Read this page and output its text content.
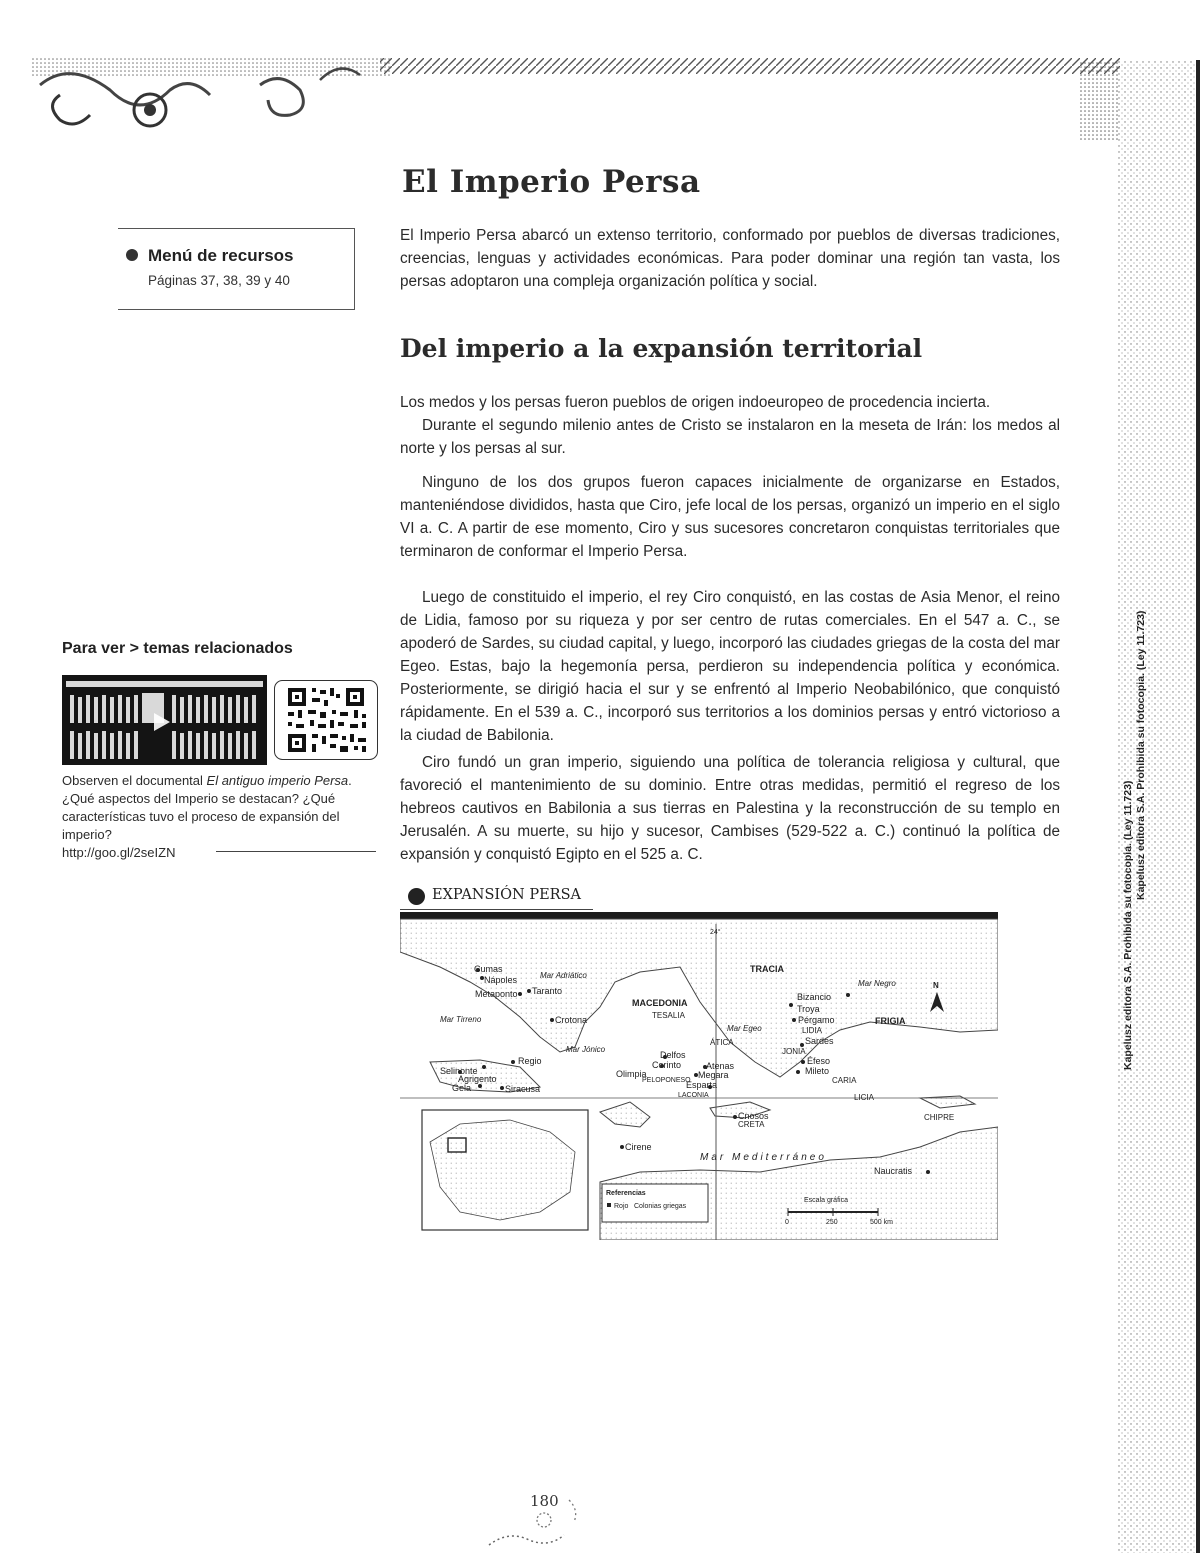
Kapelusz editora S.A. Prohibida su fotocopia. (Ley 11.723)
Kapelusz editora S.A. Prohibida su fotocopia. (Ley 11.723)
Menú de recursos
Páginas 37, 38, 39 y 40
El Imperio Persa
El Imperio Persa abarcó un extenso territorio, conformado por pueblos de diversas tradiciones, creencias, lenguas y actividades económicas. Para poder dominar una región tan vasta, los persas adoptaron una compleja organización política y social.
Del imperio a la expansión territorial
Los medos y los persas fueron pueblos de origen indoeuropeo de procedencia incierta.
Durante el segundo milenio antes de Cristo se instalaron en la meseta de Irán: los medos al norte y los persas al sur.
Ninguno de los dos grupos fueron capaces inicialmente de organizarse en Estados, manteniéndose divididos, hasta que Ciro, jefe local de los persas, organizó un imperio en el siglo VI a. C. A partir de ese momento, Ciro y sus sucesores concretaron conquistas territoriales que terminaron de conformar el Imperio Persa.
Luego de constituido el imperio, el rey Ciro conquistó, en las costas de Asia Menor, el reino de Lidia, famoso por su riqueza y por ser centro de rutas comerciales. En el 547 a. C., se apoderó de Sardes, su ciudad capital, y luego, incorporó las ciudades griegas de la costa del mar Egeo. Estas, bajo la hegemonía persa, perdieron su independencia política y económica. Posteriormente, se dirigió hacia el sur y se enfrentó al Imperio Neobabilónico, que conquistó rápidamente. En el 539 a. C., incorporó sus territorios a los dominios persas y entró victorioso a la ciudad de Babilonia.
Ciro fundó un gran imperio, siguiendo una política de tolerancia religiosa y cultural, que favoreció el mantenimiento de su dominio. Entre otras medidas, permitió el regreso de los hebreos cautivos en Babilonia a sus tierras en Palestina y la reconstrucción de su templo en Jerusalén. A su muerte, su hijo y sucesor, Cambises (529-522 a. C.) continuó la política de expansión y conquistó Egipto en el 525 a. C.
Para ver > temas relacionados
Observen el documental El antiguo imperio Persa. ¿Qué aspectos del Imperio se destacan? ¿Qué características tuvo el proceso de expansión del imperio?
http://goo.gl/2seIZN
EXPANSIÓN PERSA
TRACIA
Mar Negro
Bizancio
MACEDONIA
Mar Adriático
Cumas
Nápoles
Metaponto Taranto
Troya
Pérgamo
LIDIA
Sardes
FRIGIA
Mar Tirreno	Crotona	TESALIA
Mar Egeo
ÁTICA
JONIA
Delfos
Corinto	Atenas
Mar Jónico
Selinonte
Regio
Agrigento	Olimpia
PELOPONESO
Megara
Éfeso
Mileto
CARIA
Gela	Siracusa	Esparta
LACONIA	LICIA
Cnosos
CRETA
CHIPRE
Mar Mediterráneo
Cirene
Naucratis
24°
N
Referencias
Rojo Colonias griegas
Escala gráfica
0	250	500 km
180
